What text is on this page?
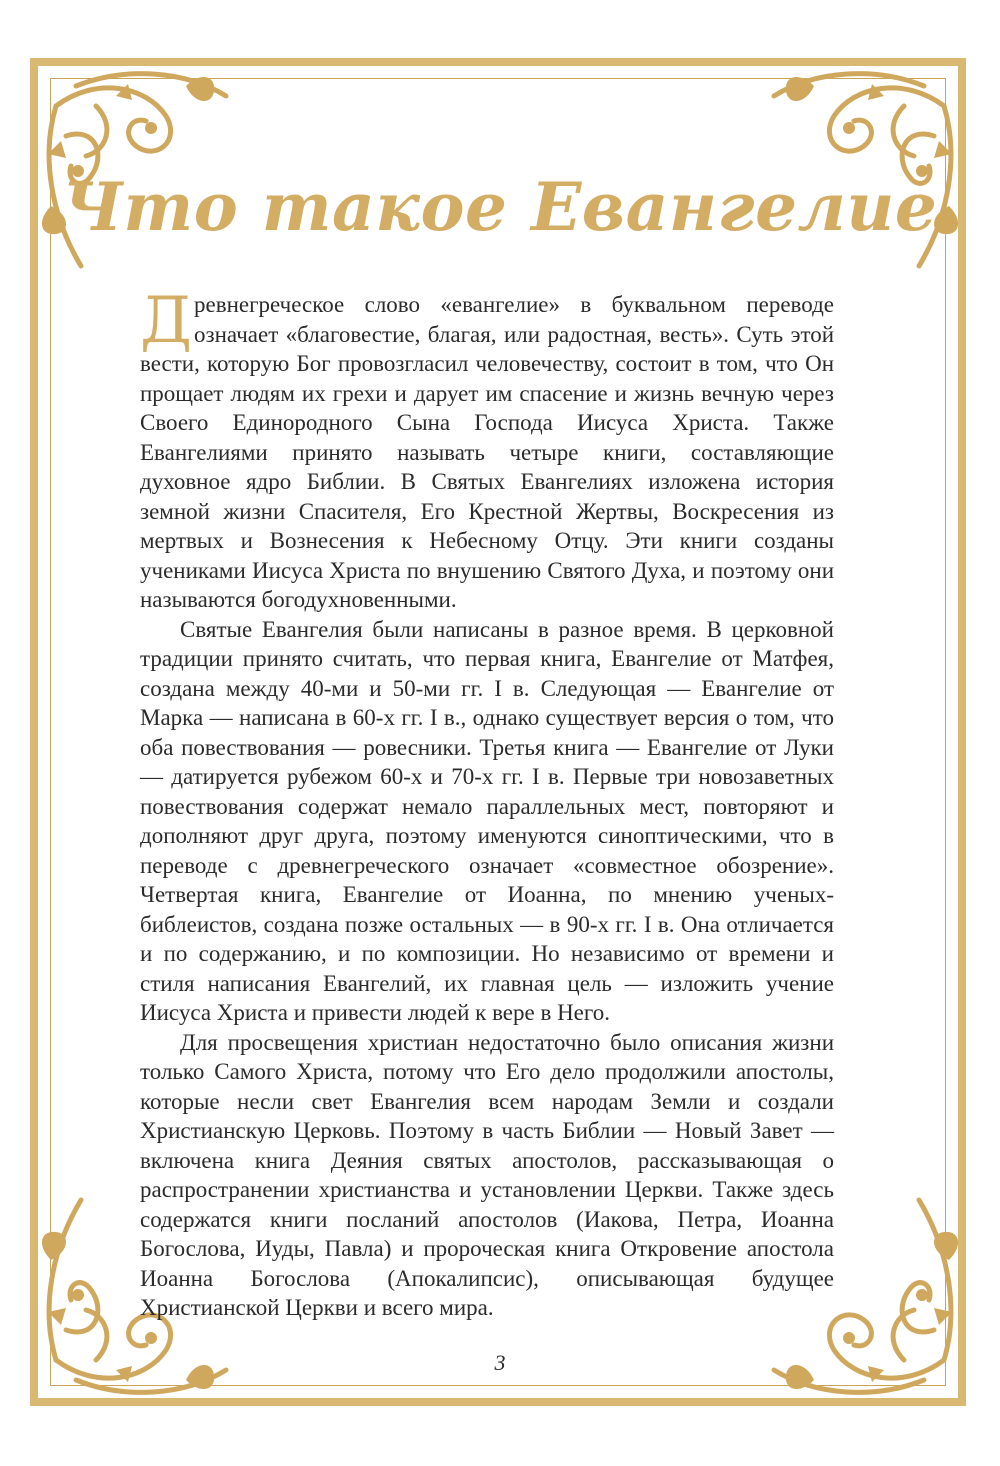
Что такое Евангелие

Древнегреческое слово «евангелие» в буквальном переводе означает «благовестие, благая, или радостная, весть». Суть этой вести, которую Бог провозгласил человечеству, состоит в том, что Он прощает людям их грехи и дарует им спасение и жизнь вечную через Своего Единородного Сына Господа Иисуса Христа. Также Евангелиями принято называть четыре книги, составляющие духовное ядро Библии. В Святых Евангелиях изложена история земной жизни Спасителя, Его Крестной Жертвы, Воскресения из мертвых и Вознесения к Небесному Отцу. Эти книги созданы учениками Иисуса Христа по внушению Святого Духа, и поэтому они называются богодухновенными.

Святые Евангелия были написаны в разное время. В церковной традиции принято считать, что первая книга, Евангелие от Матфея, создана между 40-ми и 50-ми гг. I в. Следующая — Евангелие от Марка — написана в 60-х гг. I в., однако существует версия о том, что оба повествования — ровесники. Третья книга — Евангелие от Луки — датируется рубежом 60-х и 70-х гг. I в. Первые три новозаветных повествования содержат немало параллельных мест, повторяют и дополняют друг друга, поэтому именуются синоптическими, что в переводе с древнегреческого означает «совместное обозрение». Четвертая книга, Евангелие от Иоанна, по мнению ученых-библеистов, создана позже остальных — в 90-х гг. I в. Она отличается и по содержанию, и по композиции. Но независимо от времени и стиля написания Евангелий, их главная цель — изложить учение Иисуса Христа и привести людей к вере в Него.

Для просвещения христиан недостаточно было описания жизни только Самого Христа, потому что Его дело продолжили апостолы, которые несли свет Евангелия всем народам Земли и создали Христианскую Церковь. Поэтому в часть Библии — Новый Завет — включена книга Деяния святых апостолов, рассказывающая о распространении христианства и установлении Церкви. Также здесь содержатся книги посланий апостолов (Иакова, Петра, Иоанна Богослова, Иуды, Павла) и пророческая книга Откровение апостола Иоанна Богослова (Апокалипсис), описывающая будущее Христианской Церкви и всего мира.

3
